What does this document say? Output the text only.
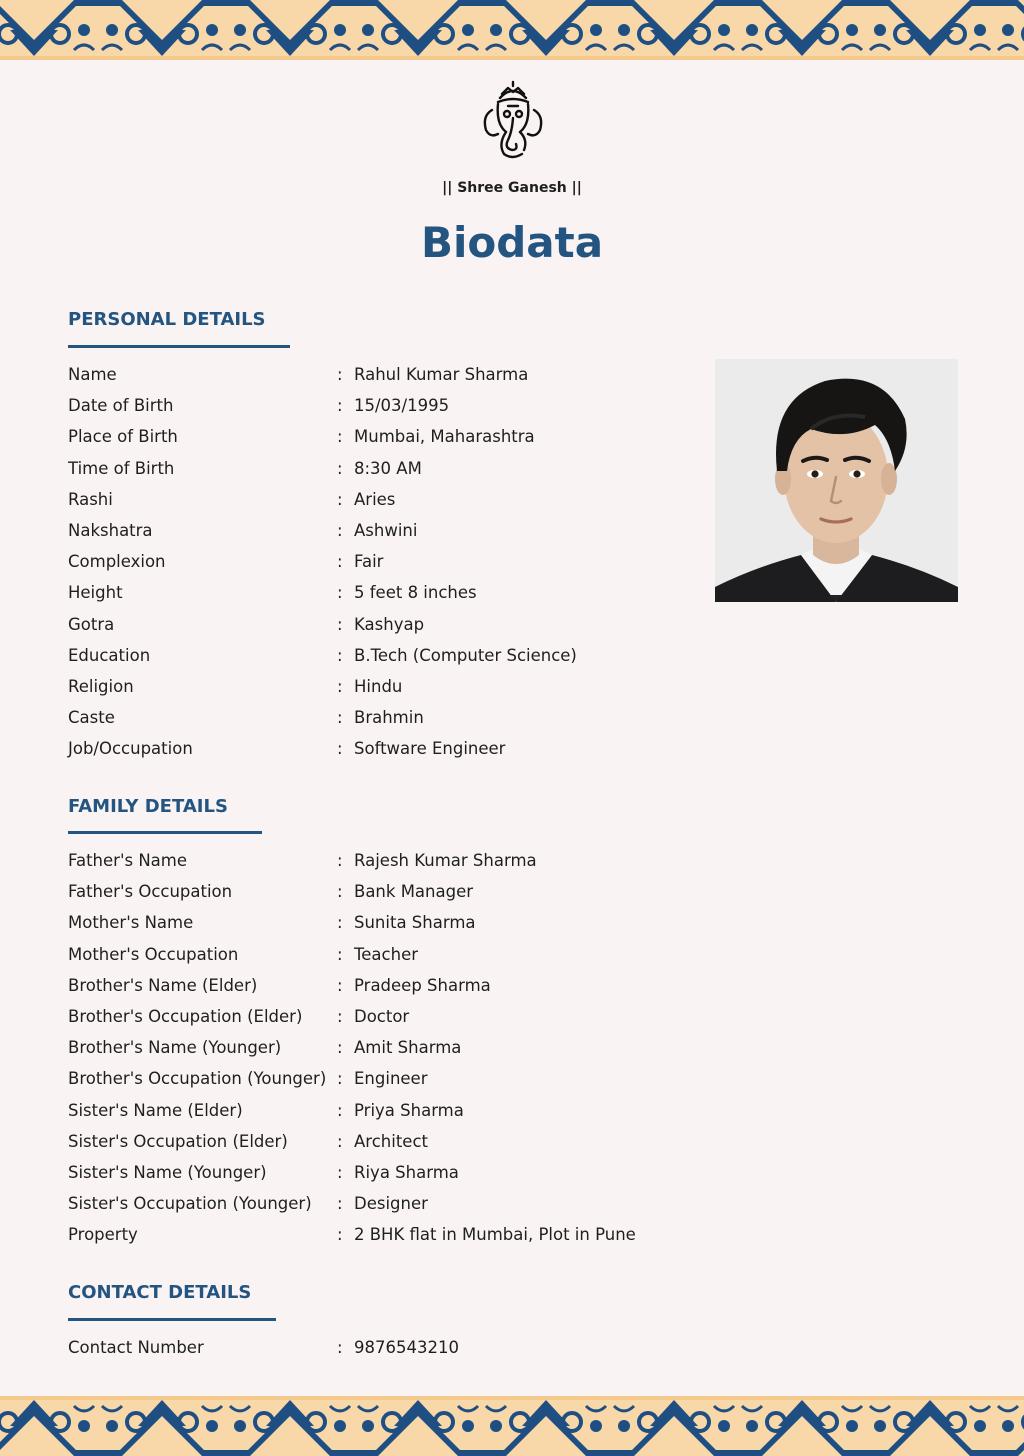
|| Shree Ganesh ||
Biodata
PERSONAL DETAILS
Name	: Rahul Kumar Sharma
Date of Birth	: 15/03/1995
Place of Birth	: Mumbai, Maharashtra
Time of Birth	: 8:30 AM
Rashi	: Aries
Nakshatra	: Ashwini
Complexion	: Fair
Height	: 5 feet 8 inches
Gotra	: Kashyap
Education	: B.Tech (Computer Science)
Religion	: Hindu
Caste	: Brahmin
Job/Occupation	: Software Engineer
FAMILY DETAILS
Father's Name	: Rajesh Kumar Sharma
Father's Occupation	: Bank Manager
Mother's Name	: Sunita Sharma
Mother's Occupation	: Teacher
Brother's Name (Elder)	: Pradeep Sharma
Brother's Occupation (Elder) : Doctor
Brother's Name (Younger)	: Amit Sharma
Brother's Occupation (Younger) : Engineer
Sister's Name (Elder)	: Priya Sharma
Sister's Occupation (Elder)	: Architect
Sister's Name (Younger)	: Riya Sharma
Sister's Occupation (Younger) : Designer
Property	: 2 BHK flat in Mumbai, Plot in Pune
CONTACT DETAILS
Contact Number	: 9876543210
